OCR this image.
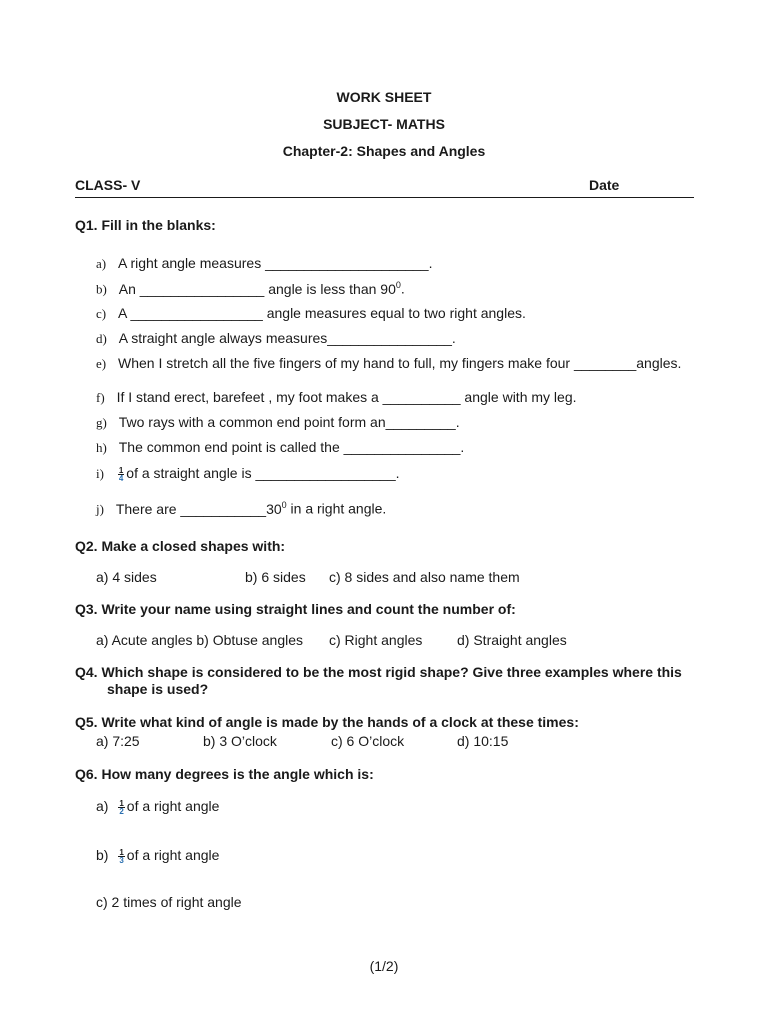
WORK SHEET
SUBJECT- MATHS
Chapter-2: Shapes and Angles
CLASS- V	Date
Q1. Fill in the blanks:
a) A right angle measures _____________________.
b) An ________________ angle is less than $90^0$.
c) A _________________ angle measures equal to two right angles.
d) A straight angle always measures________________.
e) When I stretch all the five fingers of my hand to full, my fingers make four ________angles.
f) If I stand erect, barefeet , my foot makes a __________ angle with my leg.
g) Two rays with a common end point form an_________.
h) The common end point is called the _______________.
$i) \frac{1}{4}$ of a straight angle is __________________.
j) There are $\_\_\_\_\_\_\_\_\_\_\_30^0$ in a right angle.
Q2. Make a closed shapes with:
a) 4 sides	b) 6 sides c) 8 sides and also name them
Q3. Write your name using straight lines and count the number of:
a) Acute angles b) Obtuse angles c) Right angles d) Straight angles
Q4. Which shape is considered to be the most rigid shape? Give three examples where this
shape is used?
Q5. Write what kind of angle is made by the hands of a clock at these times:
a) 7:25	b) 3 O’clock	c) 6 O’clock	d) 10:15
Q6. How many degrees is the angle which is:
$a) \frac{1}{2}$ of a right angle
$b) \frac{1}{3}$ of a right angle
c) 2 times of right angle
(1/2)
